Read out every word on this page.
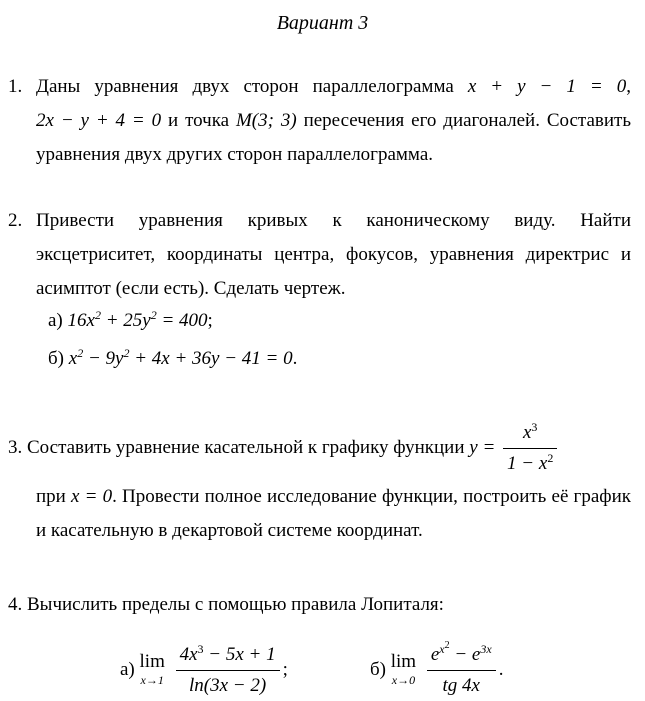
Вариант 3
1. Даны уравнения двух сторон параллелограмма x + y − 1 = 0, 2x − y + 4 = 0 и точка M(3; 3) пересечения его диагоналей. Составить уравнения двух других сторон параллелограмма.
2. Привести уравнения кривых к каноническому виду. Найти эксцетриситет, координаты центра, фокусов, уравнения директрис и асимптот (если есть). Сделать чертеж.
а) $16x^2 + 25y^2 = 400$;
б) $x^2 - 9y^2 + 4x + 36y - 41 = 0$.
3. Составить уравнение касательной к графику функции $y = \frac{x^3}{1 - x^2}$
при x = 0. Провести полное исследование функции, построить её график и касательную в декартовой системе координат.
4. Вычислить пределы с помощью правила Лопиталя:
а) lim
x→1
$\frac{4x^3 - 5x + 1}{\ln(3x - 2)}$ ;	б) lim
x→0
$\frac{e^{x^2} - e^{3x}}{tg 4x}$ .
